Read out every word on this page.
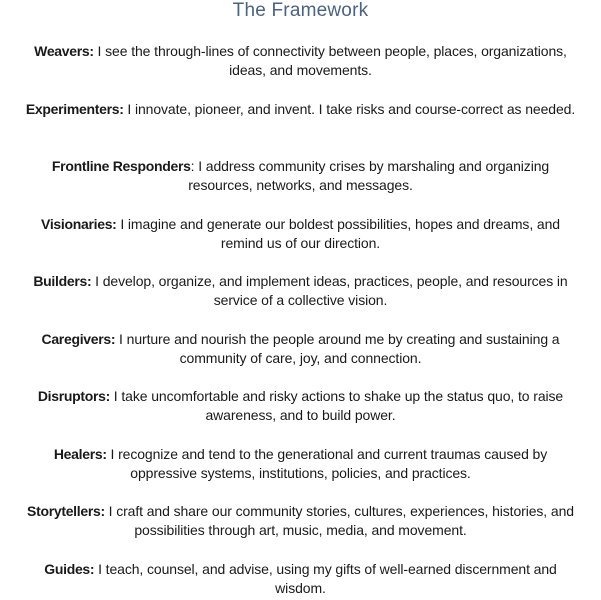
The Framework

Weavers: I see the through-lines of connectivity between people, places, organizations, ideas, and movements.

Experimenters: I innovate, pioneer, and invent. I take risks and course-correct as needed.

Frontline Responders: I address community crises by marshaling and organizing resources, networks, and messages.

Visionaries: I imagine and generate our boldest possibilities, hopes and dreams, and remind us of our direction.

Builders: I develop, organize, and implement ideas, practices, people, and resources in service of a collective vision.

Caregivers: I nurture and nourish the people around me by creating and sustaining a community of care, joy, and connection.

Disruptors: I take uncomfortable and risky actions to shake up the status quo, to raise awareness, and to build power.

Healers: I recognize and tend to the generational and current traumas caused by oppressive systems, institutions, policies, and practices.

Storytellers: I craft and share our community stories, cultures, experiences, histories, and possibilities through art, music, media, and movement.

Guides: I teach, counsel, and advise, using my gifts of well-earned discernment and wisdom.
